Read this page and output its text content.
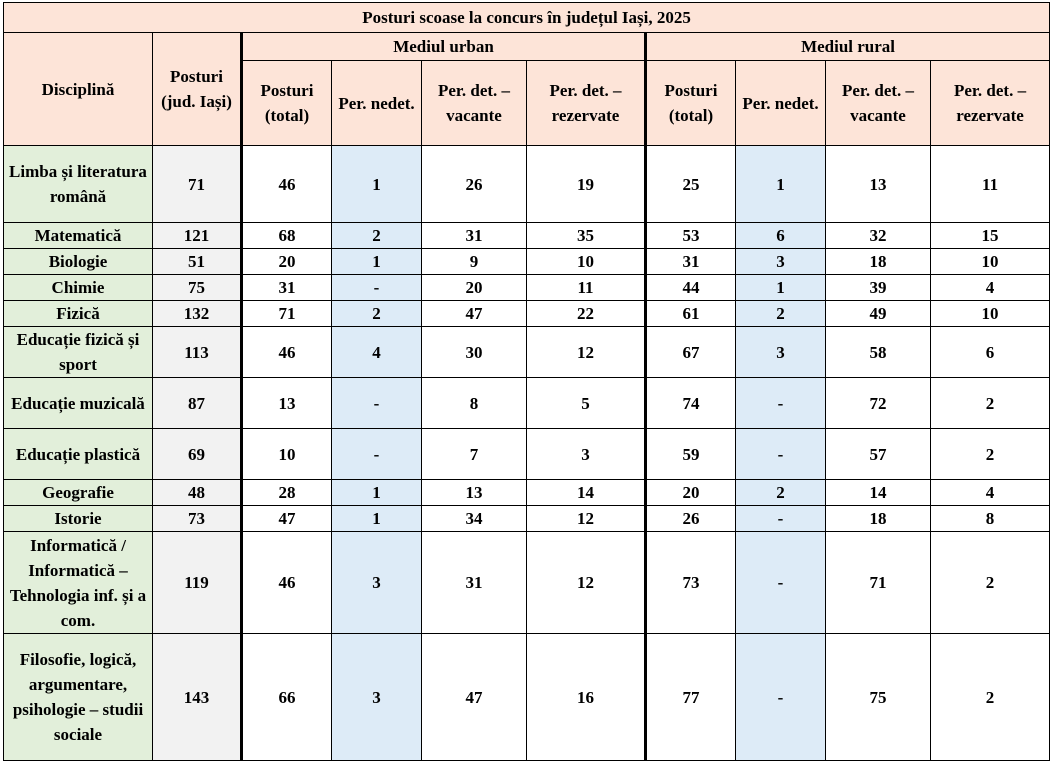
Posturi scoase la concurs în județul Iași, 2025									
Disciplină	Posturi (jud. Iași)	Mediul urban				Mediul rural			
		Posturi (total)	Per. nedet.	Per. det. – vacante	Per. det. – rezervate	Posturi (total)	Per. nedet.	Per. det. – vacante	Per. det. – rezervate
Limba și literatura română	71	46	1	26	19	25	1	13	11
Matematică	121	68	2	31	35	53	6	32	15
Biologie	51	20	1	9	10	31	3	18	10
Chimie	75	31	-	20	11	44	1	39	4
Fizică	132	71	2	47	22	61	2	49	10
Educație fizică și sport	113	46	4	30	12	67	3	58	6
Educație muzicală	87	13	-	8	5	74	-	72	2
Educație plastică	69	10	-	7	3	59	-	57	2
Geografie	48	28	1	13	14	20	2	14	4
Istorie	73	47	1	34	12	26	-	18	8
Informatică / Informatică – Tehnologia inf. și a com.	119	46	3	31	12	73	-	71	2
Filosofie, logică, argumentare, psihologie – studii sociale	143	66	3	47	16	77	-	75	2
